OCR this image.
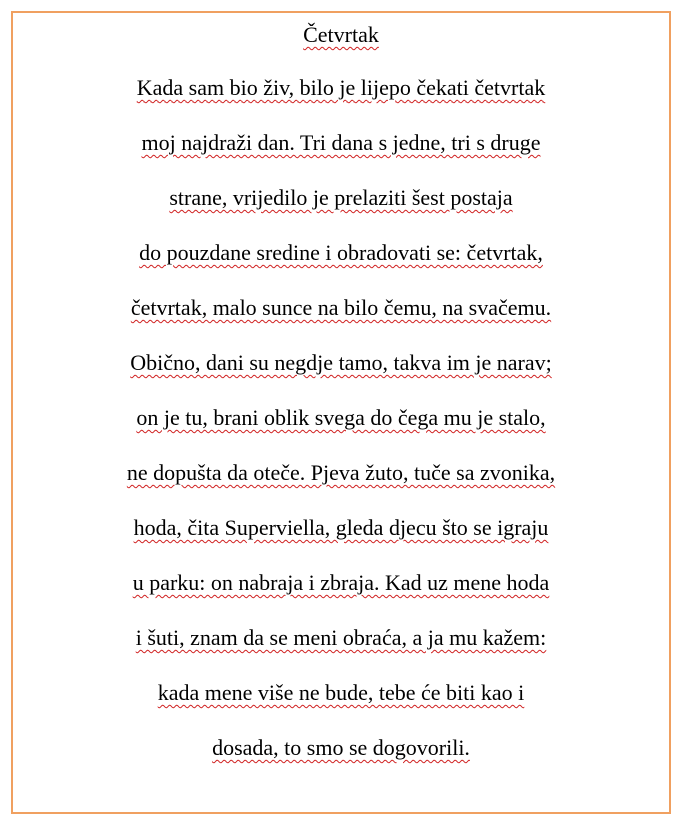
Četvrtak
Kada sam bio živ, bilo je lijepo čekati četvrtak
moj najdraži dan. Tri dana s jedne, tri s druge
strane, vrijedilo je prelaziti šest postaja
do pouzdane sredine i obradovati se: četvrtak,
četvrtak, malo sunce na bilo čemu, na svačemu.
Obično, dani su negdje tamo, takva im je narav;
on je tu, brani oblik svega do čega mu je stalo,
ne dopušta da oteče. Pjeva žuto, tuče sa zvonika,
hoda, čita Superviella, gleda djecu što se igraju
u parku: on nabraja i zbraja. Kad uz mene hoda
i šuti, znam da se meni obraća, a ja mu kažem:
kada mene više ne bude, tebe će biti kao i
dosada, to smo se dogovorili.
